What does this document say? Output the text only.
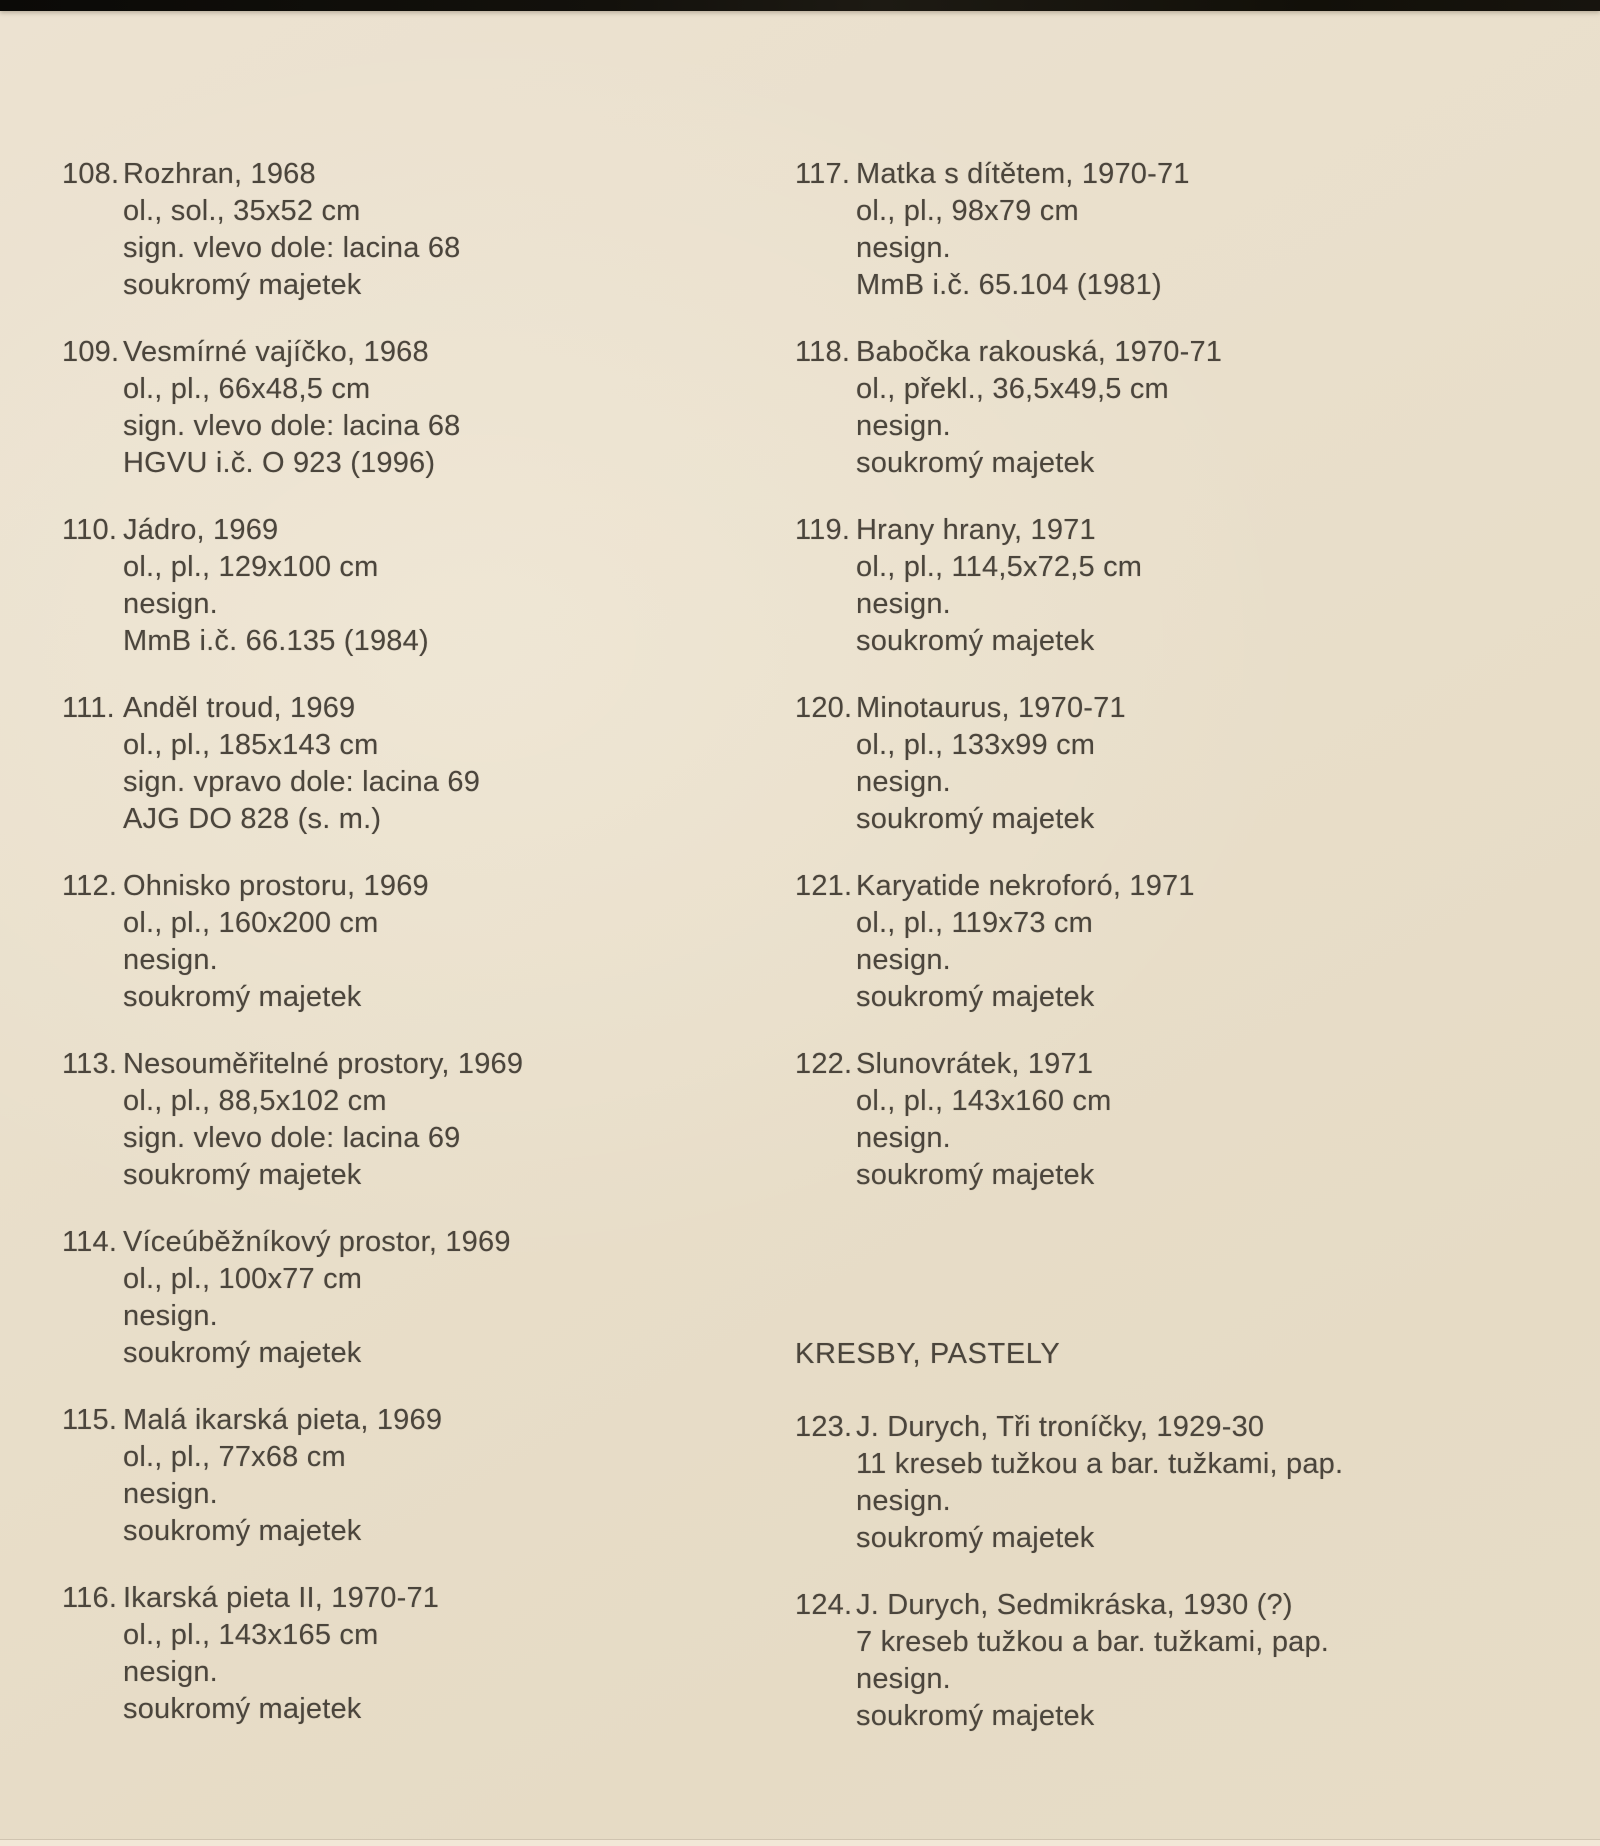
108. Rozhran, 1968
ol., sol., 35x52 cm
sign. vlevo dole: lacina 68
soukromý majetek
109. Vesmírné vajíčko, 1968
ol., pl., 66x48,5 cm
sign. vlevo dole: lacina 68
HGVU i.č. O 923 (1996)
110. Jádro, 1969
ol., pl., 129x100 cm
nesign.
MmB i.č. 66.135 (1984)
111. Anděl troud, 1969
ol., pl., 185x143 cm
sign. vpravo dole: lacina 69
AJG DO 828 (s. m.)
112. Ohnisko prostoru, 1969
ol., pl., 160x200 cm
nesign.
soukromý majetek
113. Nesouměřitelné prostory, 1969
ol., pl., 88,5x102 cm
sign. vlevo dole: lacina 69
soukromý majetek
114. Víceúběžníkový prostor, 1969
ol., pl., 100x77 cm
nesign.
soukromý majetek
115. Malá ikarská pieta, 1969
ol., pl., 77x68 cm
nesign.
soukromý majetek
116. Ikarská pieta II, 1970-71
ol., pl., 143x165 cm
nesign.
soukromý majetek
117. Matka s dítětem, 1970-71
ol., pl., 98x79 cm
nesign.
MmB i.č. 65.104 (1981)
118. Babočka rakouská, 1970-71
ol., překl., 36,5x49,5 cm
nesign.
soukromý majetek
119. Hrany hrany, 1971
ol., pl., 114,5x72,5 cm
nesign.
soukromý majetek
120. Minotaurus, 1970-71
ol., pl., 133x99 cm
nesign.
soukromý majetek
121. Karyatide nekroforó, 1971
ol., pl., 119x73 cm
nesign.
soukromý majetek
122. Slunovrátek, 1971
ol., pl., 143x160 cm
nesign.
soukromý majetek
KRESBY, PASTELY
123. J. Durych, Tři troníčky, 1929-30
11 kreseb tužkou a bar. tužkami, pap.
nesign.
soukromý majetek
124. J. Durych, Sedmikráska, 1930 (?)
7 kreseb tužkou a bar. tužkami, pap.
nesign.
soukromý majetek
